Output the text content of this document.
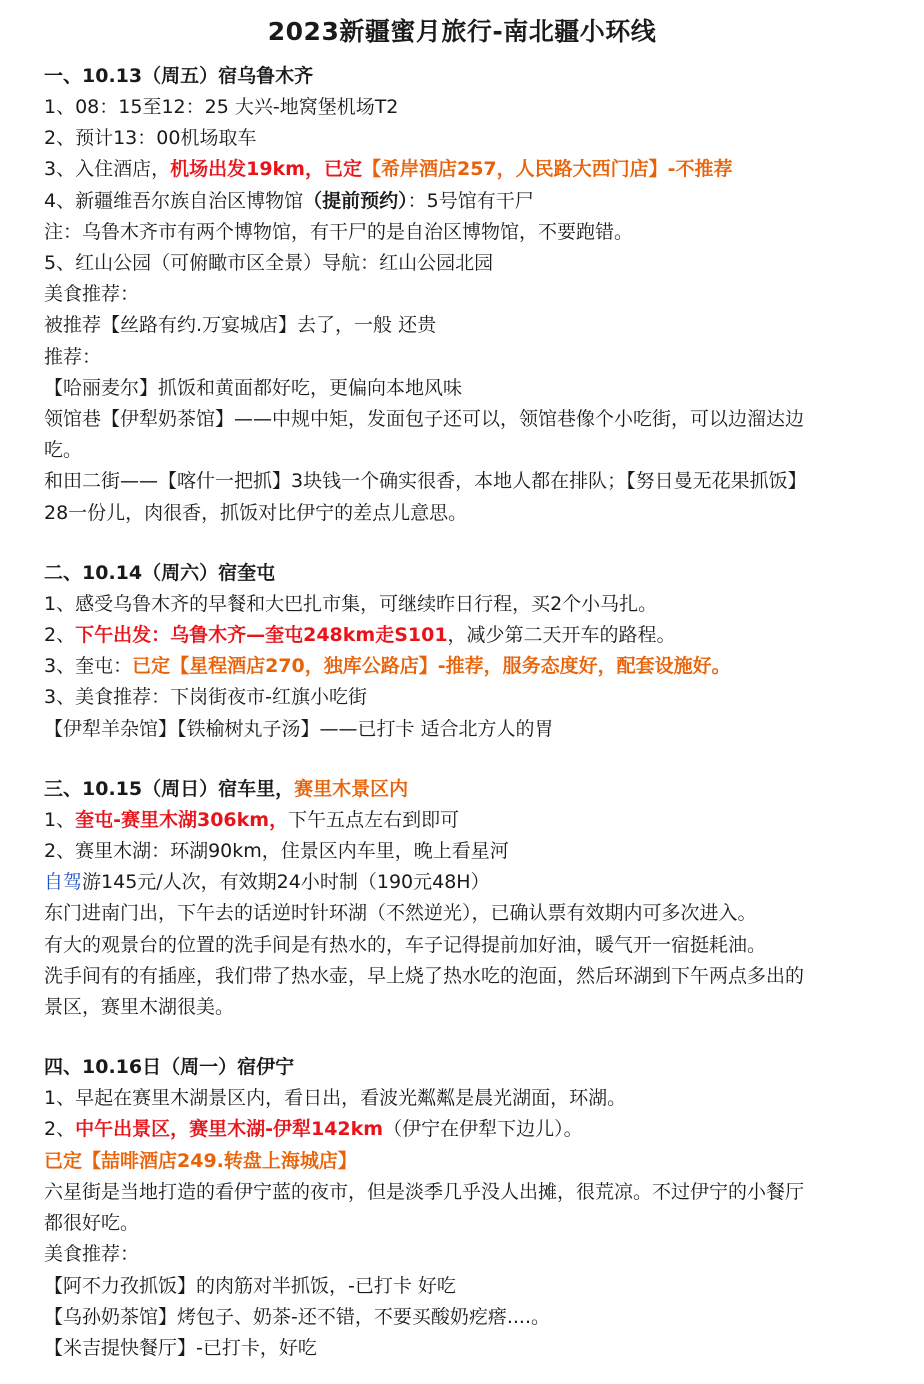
2023新疆蜜月旅行-南北疆小环线
一、10.13（周五）宿乌鲁木齐
1、08：15至12：25 大兴-地窝堡机场T2
2、预计13：00机场取车
3、入住酒店，机场出发19km，已定【希岸酒店257，人民路大西门店】-不推荐
4、新疆维吾尔族自治区博物馆（提前预约）：5号馆有干尸
注：乌鲁木齐市有两个博物馆，有干尸的是自治区博物馆，不要跑错。
5、红山公园（可俯瞰市区全景）导航：红山公园北园
美食推荐：
被推荐【丝路有约.万宴城店】去了，一般 还贵
推荐：
【哈丽麦尔】抓饭和黄面都好吃，更偏向本地风味
领馆巷【伊犁奶茶馆】——中规中矩，发面包子还可以，领馆巷像个小吃街，可以边溜达边
吃。
和田二街——【喀什一把抓】3块钱一个确实很香，本地人都在排队；【努日曼无花果抓饭】
28一份儿，肉很香，抓饭对比伊宁的差点儿意思。
二、10.14（周六）宿奎屯
1、感受乌鲁木齐的早餐和大巴扎市集，可继续昨日行程，买2个小马扎。
2、下午出发：乌鲁木齐—奎屯248km走S101，减少第二天开车的路程。
3、奎屯：已定【星程酒店270，独库公路店】-推荐，服务态度好，配套设施好。
3、美食推荐：下岗街夜市-红旗小吃街
【伊犁羊杂馆】【铁榆树丸子汤】——已打卡 适合北方人的胃
三、10.15（周日）宿车里，赛里木景区内
1、奎屯-赛里木湖306km，下午五点左右到即可
2、赛里木湖：环湖90km，住景区内车里，晚上看星河
自驾游145元/人次，有效期24小时制（190元48H）
东门进南门出，下午去的话逆时针环湖（不然逆光），已确认票有效期内可多次进入。
有大的观景台的位置的洗手间是有热水的，车子记得提前加好油，暖气开一宿挺耗油。
洗手间有的有插座，我们带了热水壶，早上烧了热水吃的泡面，然后环湖到下午两点多出的
景区，赛里木湖很美。
四、10.16日（周一）宿伊宁
1、早起在赛里木湖景区内，看日出，看波光粼粼是晨光湖面，环湖。
2、中午出景区，赛里木湖-伊犁142km（伊宁在伊犁下边儿）。
已定【喆啡酒店249.转盘上海城店】
六星街是当地打造的看伊宁蓝的夜市，但是淡季几乎没人出摊，很荒凉。不过伊宁的小餐厅
都很好吃。
美食推荐：
【阿不力孜抓饭】的肉筋对半抓饭，-已打卡 好吃
【乌孙奶茶馆】烤包子、奶茶-还不错，不要买酸奶疙瘩....。
【米吉提快餐厅】-已打卡，好吃
